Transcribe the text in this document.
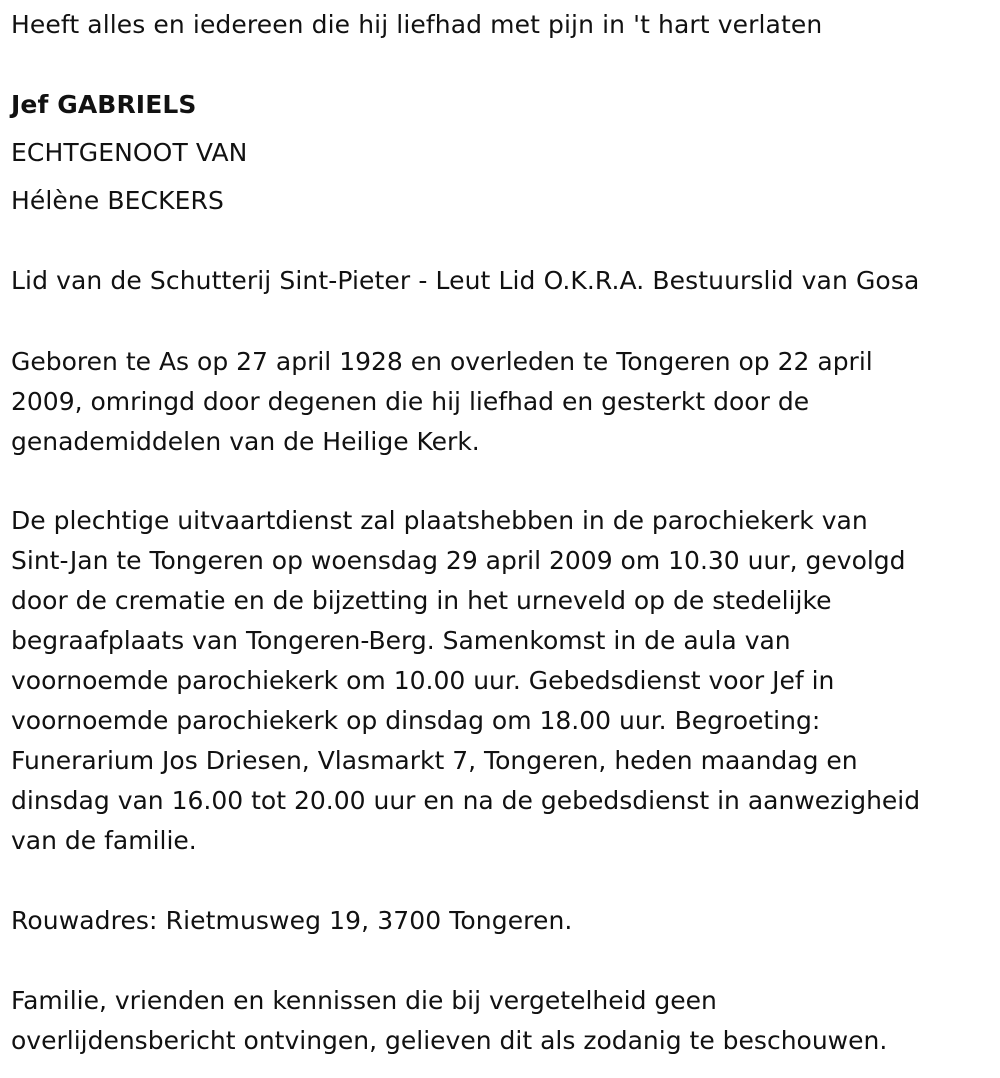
Heeft alles en iedereen die hij liefhad met pijn in 't hart verlaten
Jef GABRIELS
ECHTGENOOT VAN
Hélène BECKERS
Lid van de Schutterij Sint-Pieter - Leut Lid O.K.R.A. Bestuurslid van Gosa
Geboren te As op 27 april 1928 en overleden te Tongeren op 22 april
2009, omringd door degenen die hij liefhad en gesterkt door de
genademiddelen van de Heilige Kerk.
De plechtige uitvaartdienst zal plaatshebben in de parochiekerk van
Sint-Jan te Tongeren op woensdag 29 april 2009 om 10.30 uur, gevolgd
door de crematie en de bijzetting in het urneveld op de stedelijke
begraafplaats van Tongeren-Berg. Samenkomst in de aula van
voornoemde parochiekerk om 10.00 uur. Gebedsdienst voor Jef in
voornoemde parochiekerk op dinsdag om 18.00 uur. Begroeting:
Funerarium Jos Driesen, Vlasmarkt 7, Tongeren, heden maandag en
dinsdag van 16.00 tot 20.00 uur en na de gebedsdienst in aanwezigheid
van de familie.
Rouwadres: Rietmusweg 19, 3700 Tongeren.
Familie, vrienden en kennissen die bij vergetelheid geen
overlijdensbericht ontvingen, gelieven dit als zodanig te beschouwen.
